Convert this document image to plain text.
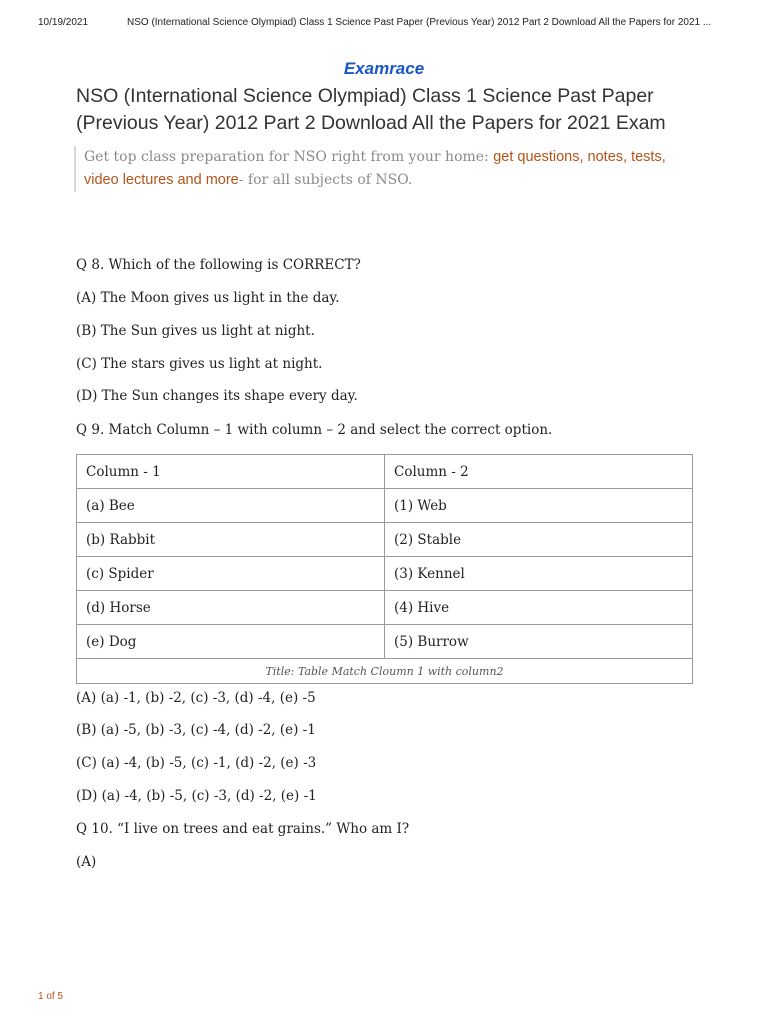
10/19/2021	NSO (International Science Olympiad) Class 1 Science Past Paper (Previous Year) 2012 Part 2 Download All the Papers for 2021 ...
Examrace
NSO (International Science Olympiad) Class 1 Science Past Paper (Previous Year) 2012 Part 2 Download All the Papers for 2021 Exam
Get top class preparation for NSO right from your home: get questions, notes, tests, video lectures and more- for all subjects of NSO.
Q 8. Which of the following is CORRECT?
(A) The Moon gives us light in the day.
(B) The Sun gives us light at night.
(C) The stars gives us light at night.
(D) The Sun changes its shape every day.
Q 9. Match Column – 1 with column – 2 and select the correct option.
Column - 1	Column - 2
(a) Bee	(1) Web
(b) Rabbit	(2) Stable
(c) Spider	(3) Kennel
(d) Horse	(4) Hive
(e) Dog	(5) Burrow
Title: Table Match Cloumn 1 with column2	
(A) (a) -1, (b) -2, (c) -3, (d) -4, (e) -5
(B) (a) -5, (b) -3, (c) -4, (d) -2, (e) -1
(C) (a) -4, (b) -5, (c) -1, (d) -2, (e) -3
(D) (a) -4, (b) -5, (c) -3, (d) -2, (e) -1
Q 10. “I live on trees and eat grains.” Who am I?
(A)
1 of 5
